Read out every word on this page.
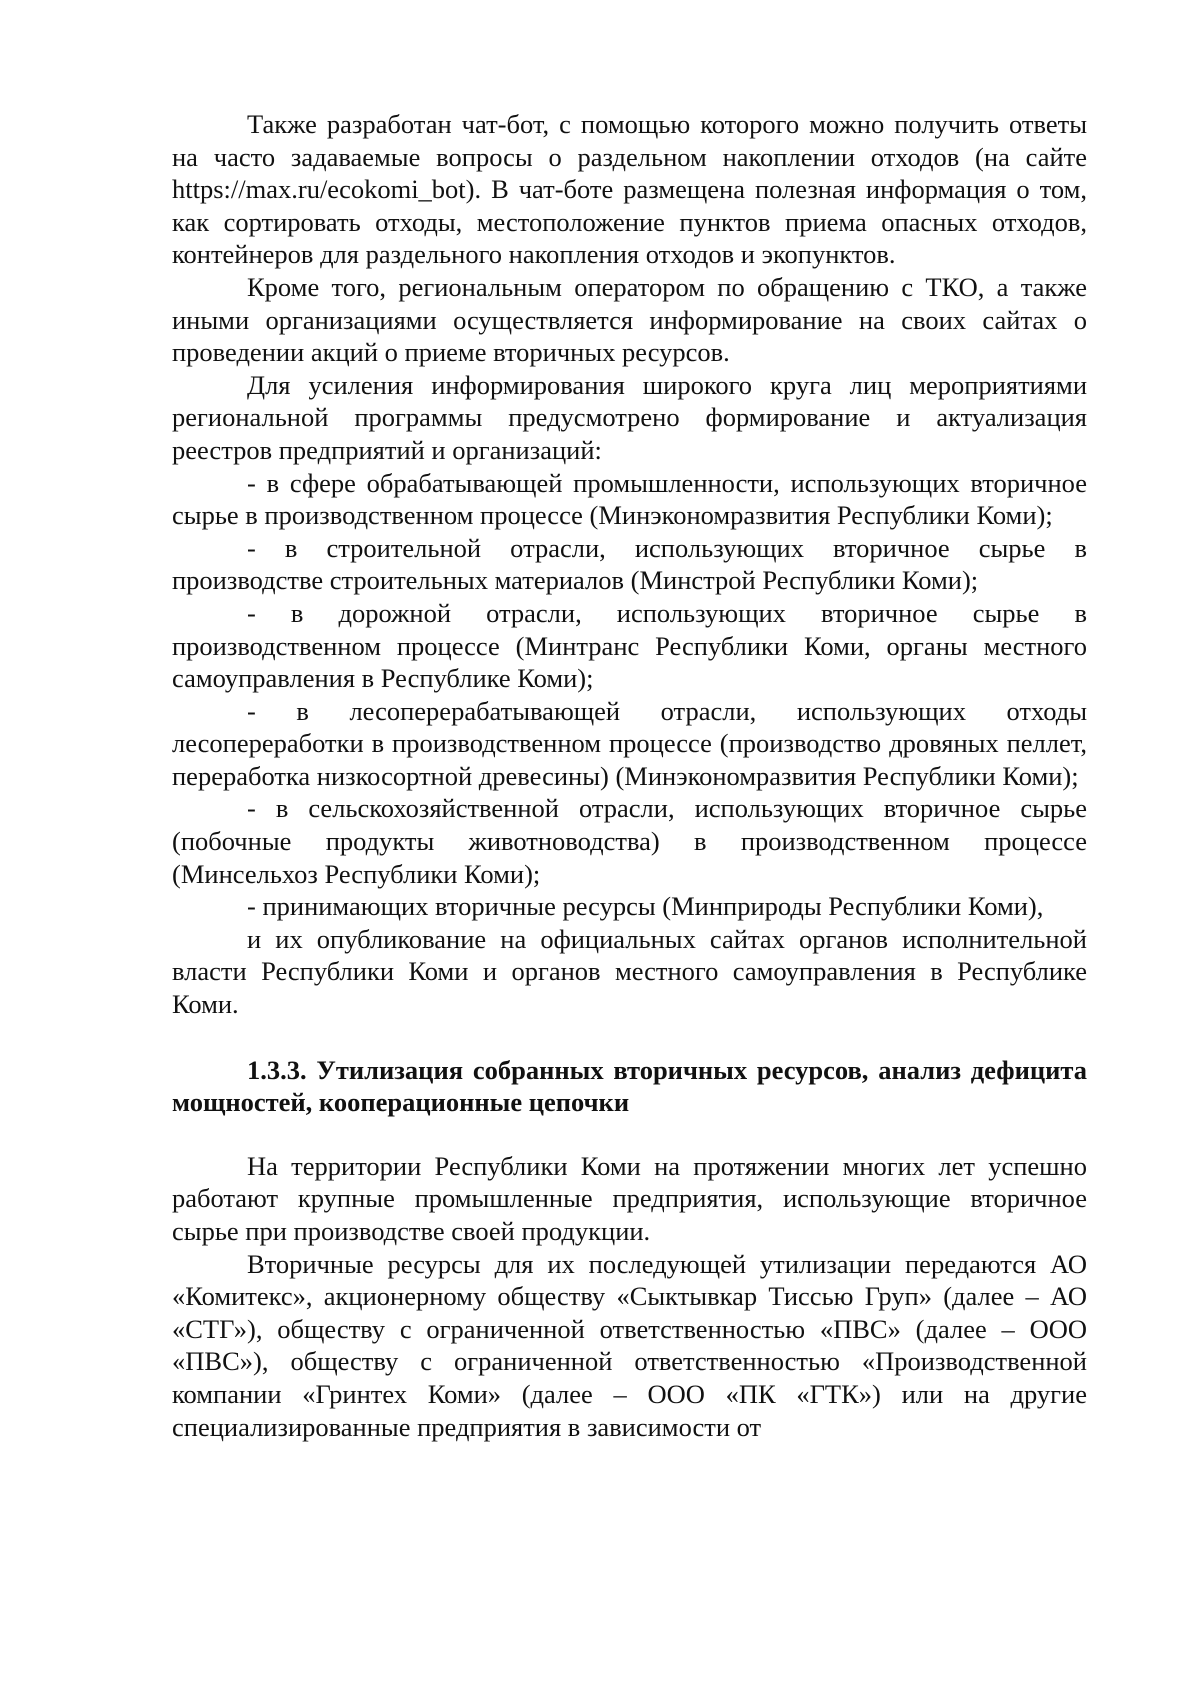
Также разработан чат-бот, с помощью которого можно получить ответы на часто задаваемые вопросы о раздельном накоплении отходов (на сайте https://max.ru/ecokomi_bot). В чат-боте размещена полезная информация о том, как сортировать отходы, местоположение пунктов приема опасных отходов, контейнеров для раздельного накопления отходов и экопунктов.

Кроме того, региональным оператором по обращению с ТКО, а также иными организациями осуществляется информирование на своих сайтах о проведении акций о приеме вторичных ресурсов.

Для усиления информирования широкого круга лиц мероприятиями региональной программы предусмотрено формирование и актуализация реестров предприятий и организаций:

- в сфере обрабатывающей промышленности, использующих вторичное сырье в производственном процессе (Минэкономразвития Республики Коми);

- в строительной отрасли, использующих вторичное сырье в производстве строительных материалов (Минстрой Республики Коми);

- в дорожной отрасли, использующих вторичное сырье в производственном процессе (Минтранс Республики Коми, органы местного самоуправления в Республике Коми);

- в лесоперерабатывающей отрасли, использующих отходы лесопереработки в производственном процессе (производство дровяных пеллет, переработка низкосортной древесины) (Минэкономразвития Республики Коми);

- в сельскохозяйственной отрасли, использующих вторичное сырье (побочные продукты животноводства) в производственном процессе (Минсельхоз Республики Коми);

- принимающих вторичные ресурсы (Минприроды Республики Коми),

и их опубликование на официальных сайтах органов исполнительной власти Республики Коми и органов местного самоуправления в Республике Коми.

1.3.3. Утилизация собранных вторичных ресурсов, анализ дефицита мощностей, кооперационные цепочки

На территории Республики Коми на протяжении многих лет успешно работают крупные промышленные предприятия, использующие вторичное сырье при производстве своей продукции.

Вторичные ресурсы для их последующей утилизации передаются АО «Комитекс», акционерному обществу «Сыктывкар Тиссью Груп» (далее – АО «СТГ»), обществу с ограниченной ответственностью «ПВС» (далее – ООО «ПВС»), обществу с ограниченной ответственностью «Производственной компании «Гринтех Коми» (далее – ООО «ПК «ГТК») или на другие специализированные предприятия в зависимости от
